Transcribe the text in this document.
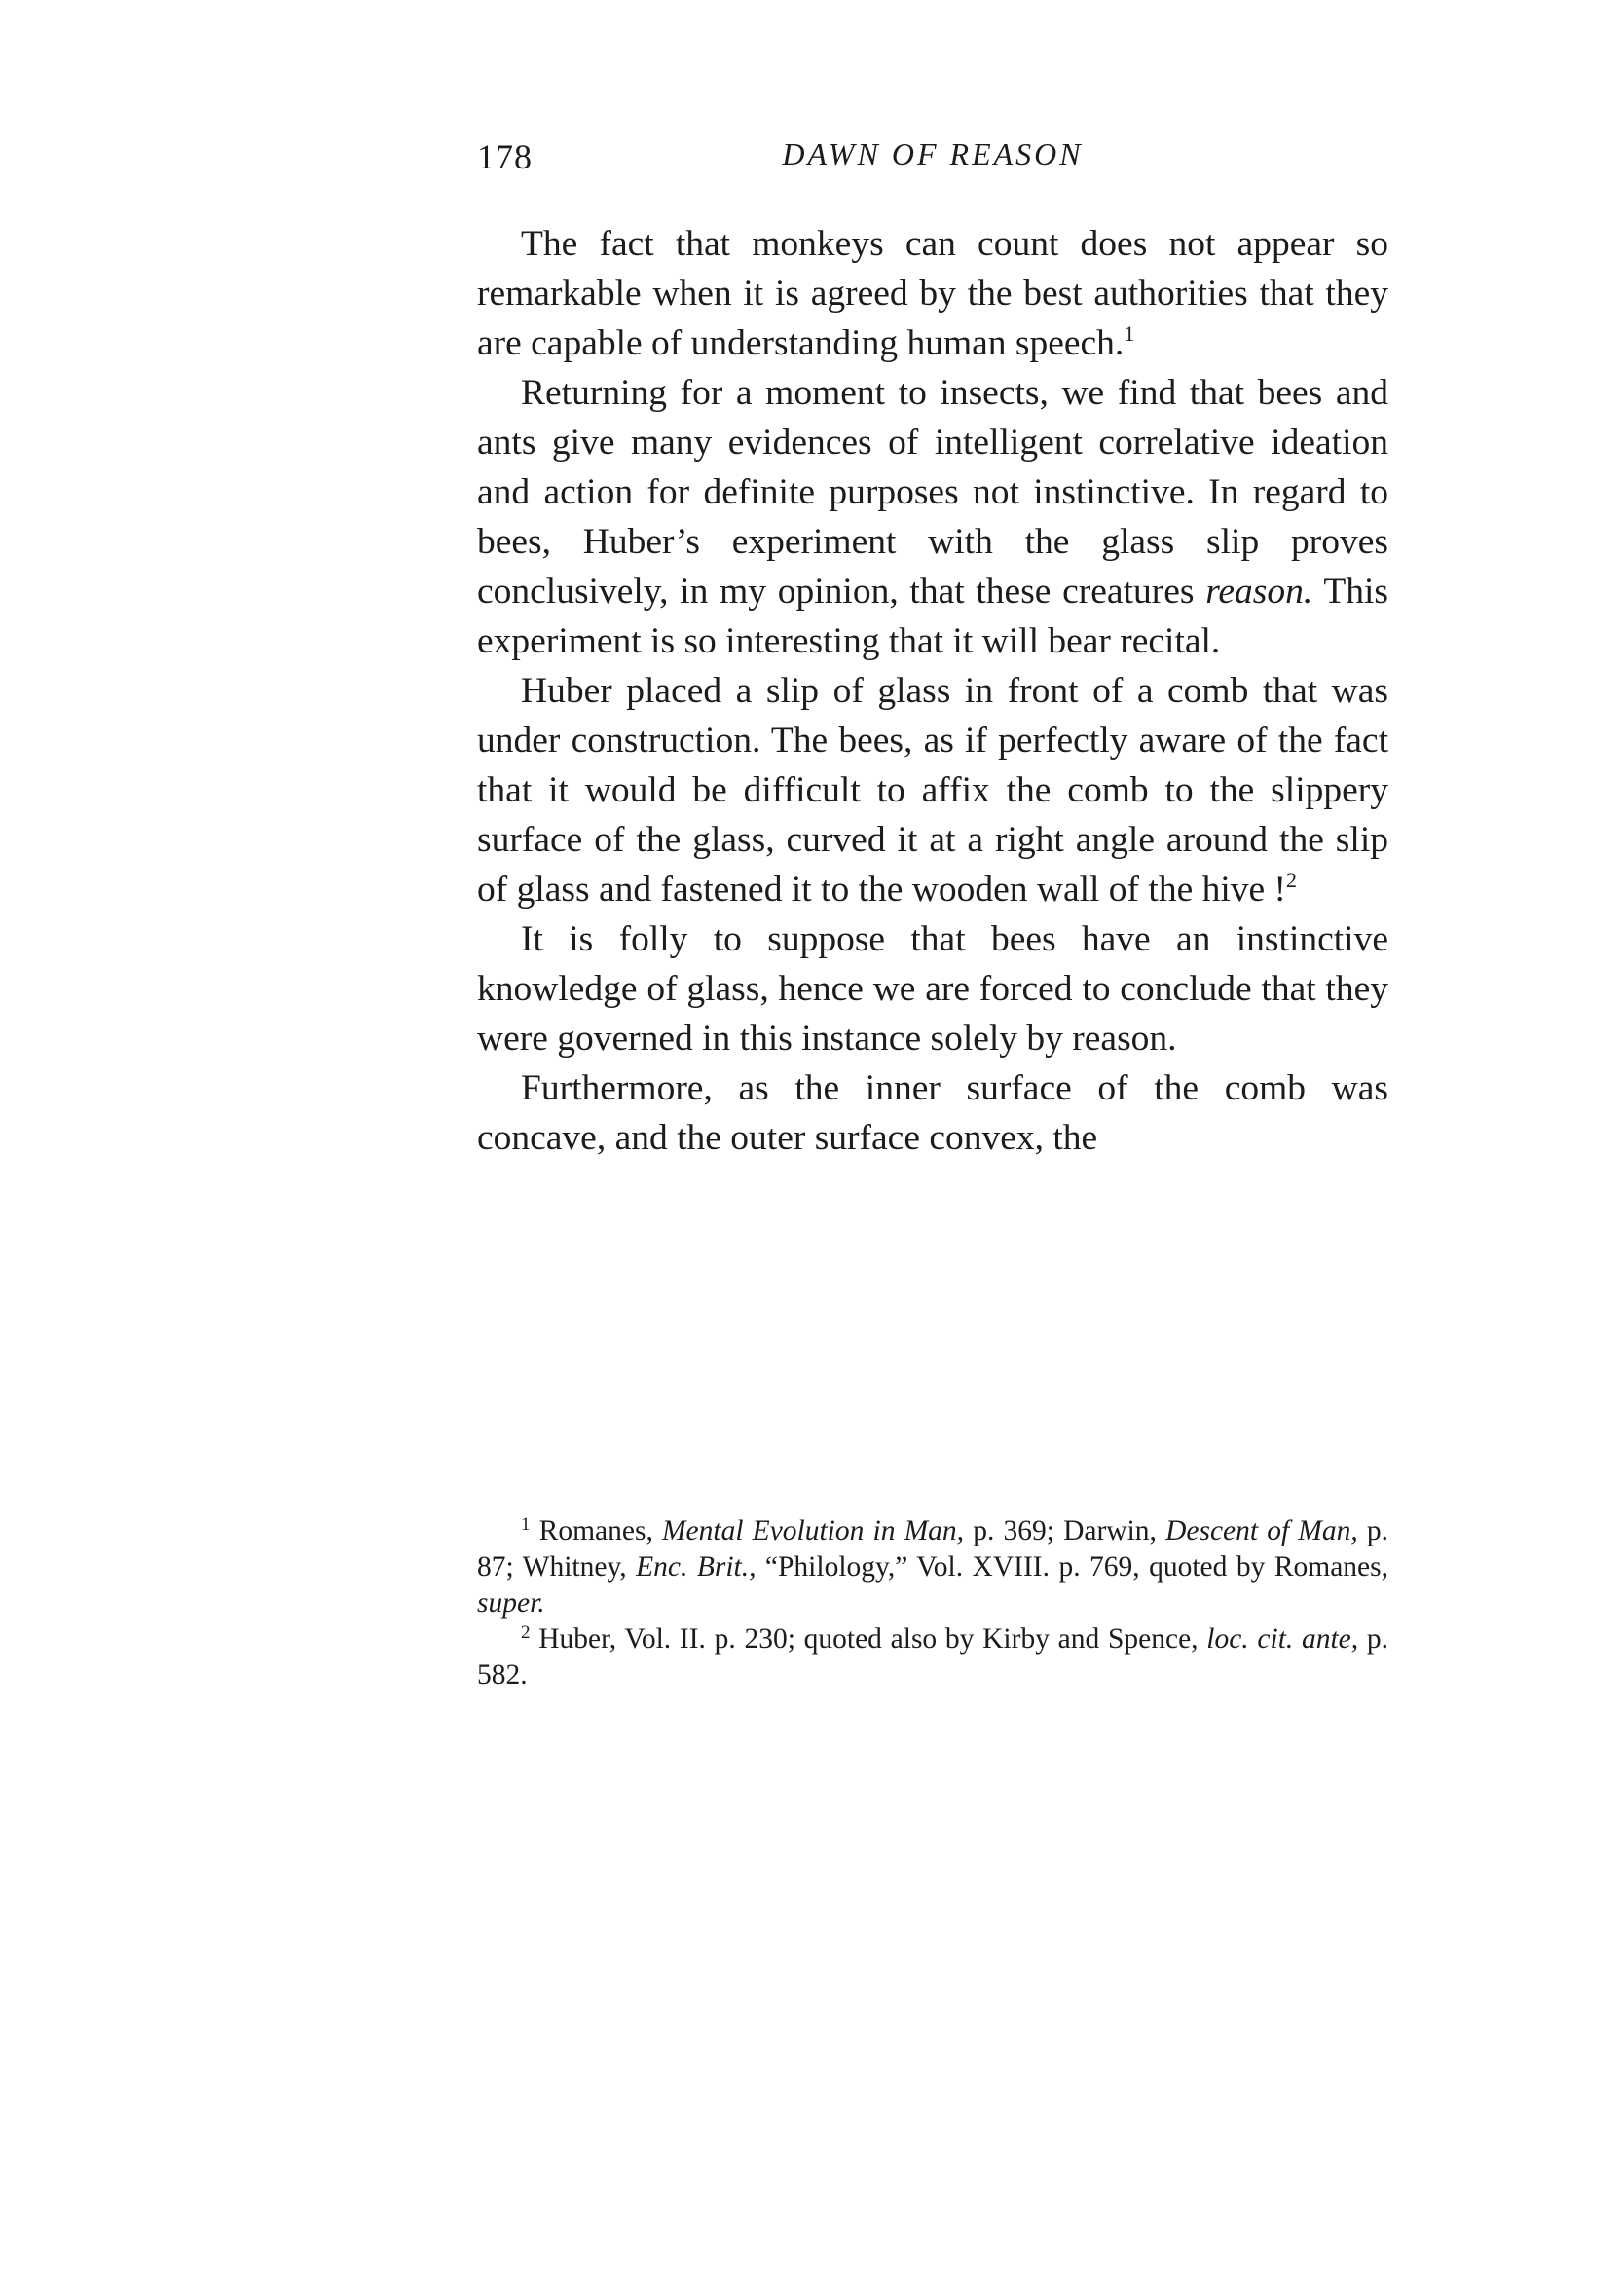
178	DAWN OF REASON

The fact that monkeys can count does not appear so remarkable when it is agreed by the best authorities that they are capable of understanding human speech.$^1$

Returning for a moment to insects, we find that bees and ants give many evidences of intelligent correlative ideation and action for definite purposes not instinctive. In regard to bees, Huber’s experiment with the glass slip proves conclusively, in my opinion, that these creatures reason. This experiment is so interesting that it will bear recital.

Huber placed a slip of glass in front of a comb that was under construction. The bees, as if perfectly aware of the fact that it would be difficult to affix the comb to the slippery surface of the glass, curved it at a right angle around the slip of glass and fastened it to the wooden wall of the hive !$^2$

It is folly to suppose that bees have an instinctive knowledge of glass, hence we are forced to conclude that they were governed in this instance solely by reason.

Furthermore, as the inner surface of the comb was concave, and the outer surface convex, the

$^1$ Romanes, Mental Evolution in Man, p. 369; Darwin, Descent of Man, p. 87; Whitney, Enc. Brit., “Philology,” Vol. XVIII. p. 769, quoted by Romanes, super.

$^2$ Huber, Vol. II. p. 230; quoted also by Kirby and Spence, loc. cit. ante, p. 582.
